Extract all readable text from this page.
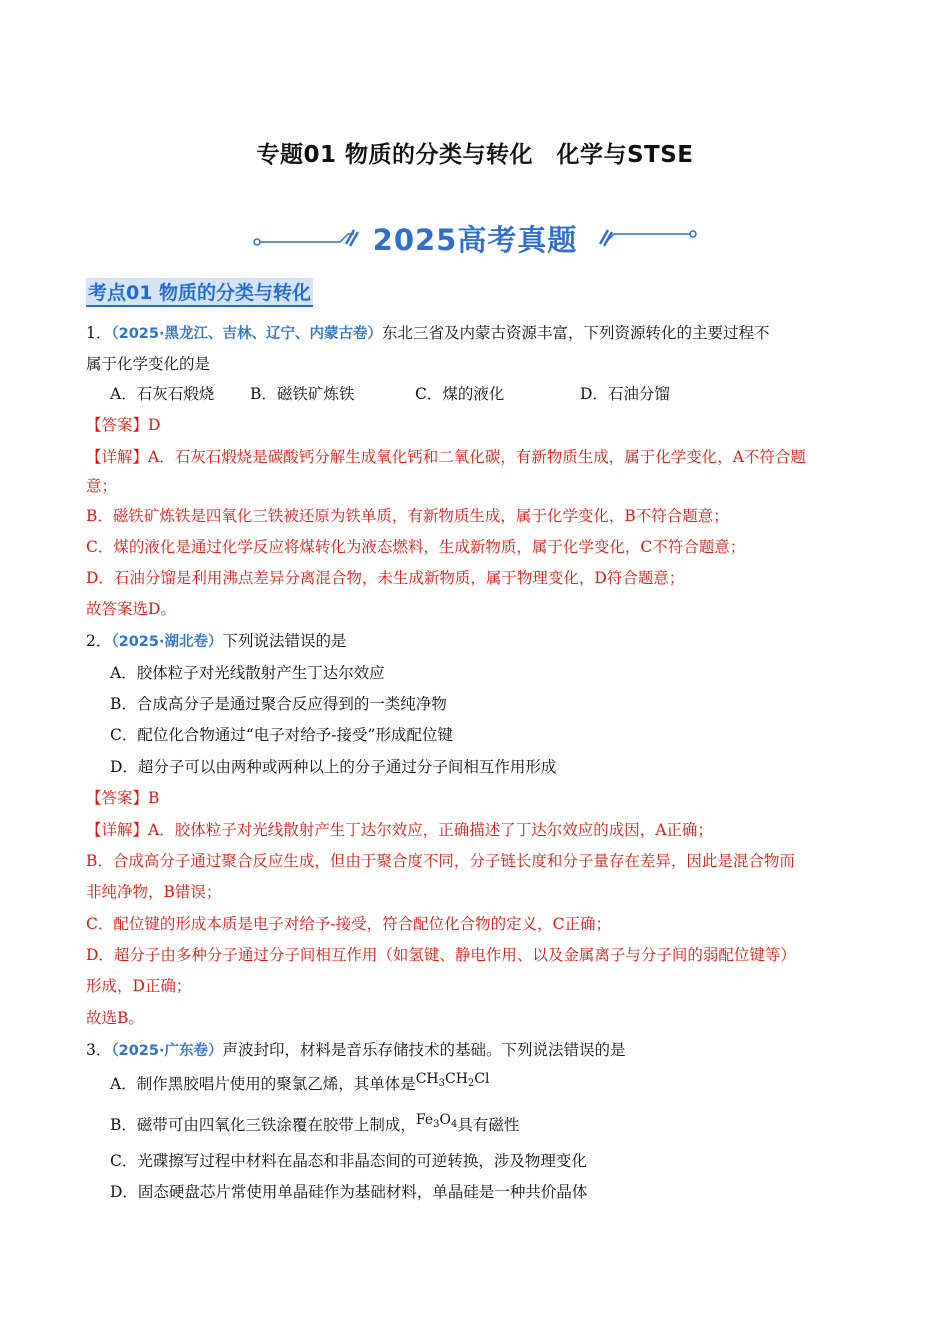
专题01 物质的分类与转化　化学与STSE
2025高考真题
考点01 物质的分类与转化
1．（2025·黑龙江、吉林、辽宁、内蒙古卷）东北三省及内蒙古资源丰富，下列资源转化的主要过程不
属于化学变化的是
A．石灰石煅烧 B．磁铁矿炼铁	C．煤的液化	D．石油分馏
【答案】D
【详解】A．石灰石煅烧是碳酸钙分解生成氧化钙和二氧化碳，有新物质生成，属于化学变化，A不符合题
意；
B．磁铁矿炼铁是四氧化三铁被还原为铁单质，有新物质生成，属于化学变化，B不符合题意；
C．煤的液化是通过化学反应将煤转化为液态燃料，生成新物质，属于化学变化，C不符合题意；
D．石油分馏是利用沸点差异分离混合物，未生成新物质，属于物理变化，D符合题意；
故答案选D。
2．（2025·湖北卷）下列说法错误的是
A．胶体粒子对光线散射产生丁达尔效应
B．合成高分子是通过聚合反应得到的一类纯净物
C．配位化合物通过“电子对给予-接受”形成配位键
D．超分子可以由两种或两种以上的分子通过分子间相互作用形成
【答案】B
【详解】A．胶体粒子对光线散射产生丁达尔效应，正确描述了丁达尔效应的成因，A正确；
B．合成高分子通过聚合反应生成，但由于聚合度不同，分子链长度和分子量存在差异，因此是混合物而
非纯净物，B错误；
C．配位键的形成本质是电子对给予-接受，符合配位化合物的定义，C正确；
D．超分子由多种分子通过分子间相互作用（如氢键、静电作用、以及金属离子与分子间的弱配位键等）
形成，D正确；
故选B。
3．（2025·广东卷）声波封印，材料是音乐存储技术的基础。下列说法错误的是
A．制作黑胶唱片使用的聚氯乙烯，其单体是$CH_3CH_2Cl$
B．磁带可由四氧化三铁涂覆在胶带上制成，$Fe_3O_4$具有磁性
C．光碟擦写过程中材料在晶态和非晶态间的可逆转换，涉及物理变化
D．固态硬盘芯片常使用单晶硅作为基础材料，单晶硅是一种共价晶体
